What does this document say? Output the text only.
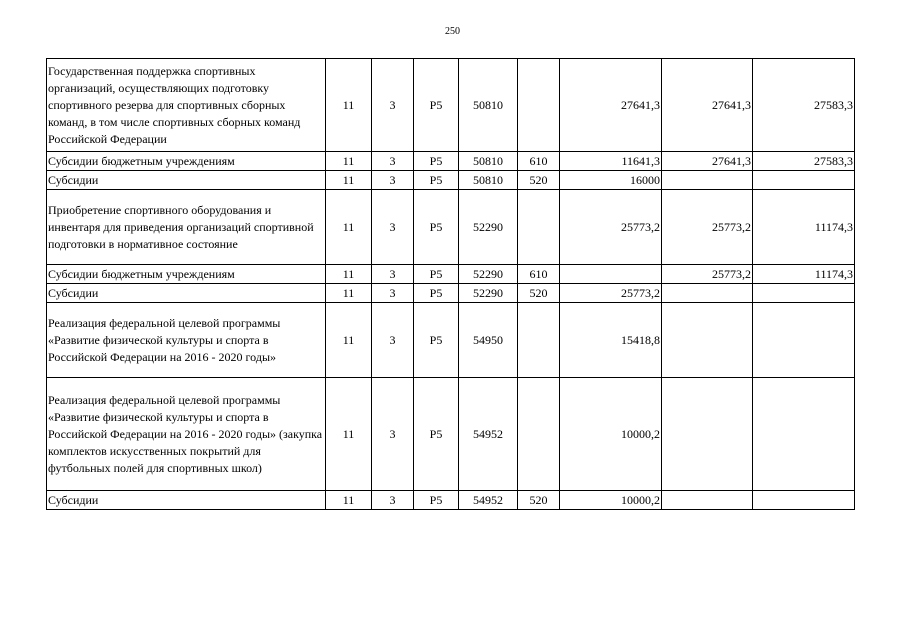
250
Государственная поддержка спортивных организаций, осуществляющих подготовку спортивного резерва для спортивных сборных команд, в том числе спортивных сборных команд Российской Федерации	11	3	Р5	50810		27641,3	27641,3	27583,3
Субсидии бюджетным учреждениям	11	3	Р5	50810	610	11641,3	27641,3	27583,3
Субсидии	11	3	Р5	50810	520	16000		
Приобретение спортивного оборудования и инвентаря для приведения организаций спортивной подготовки в нормативное состояние	11	3	Р5	52290		25773,2	25773,2	11174,3
Субсидии бюджетным учреждениям	11	3	Р5	52290	610		25773,2	11174,3
Субсидии	11	3	Р5	52290	520	25773,2		
Реализация федеральной целевой программы «Развитие физической культуры и спорта в Российской Федерации на 2016 - 2020 годы»	11	3	Р5	54950		15418,8		
Реализация федеральной целевой программы «Развитие физической культуры и спорта в Российской Федерации на 2016 - 2020 годы» (закупка комплектов искусственных покрытий для футбольных полей для спортивных школ)	11	3	Р5	54952		10000,2		
Субсидии	11	3	Р5	54952	520	10000,2		
